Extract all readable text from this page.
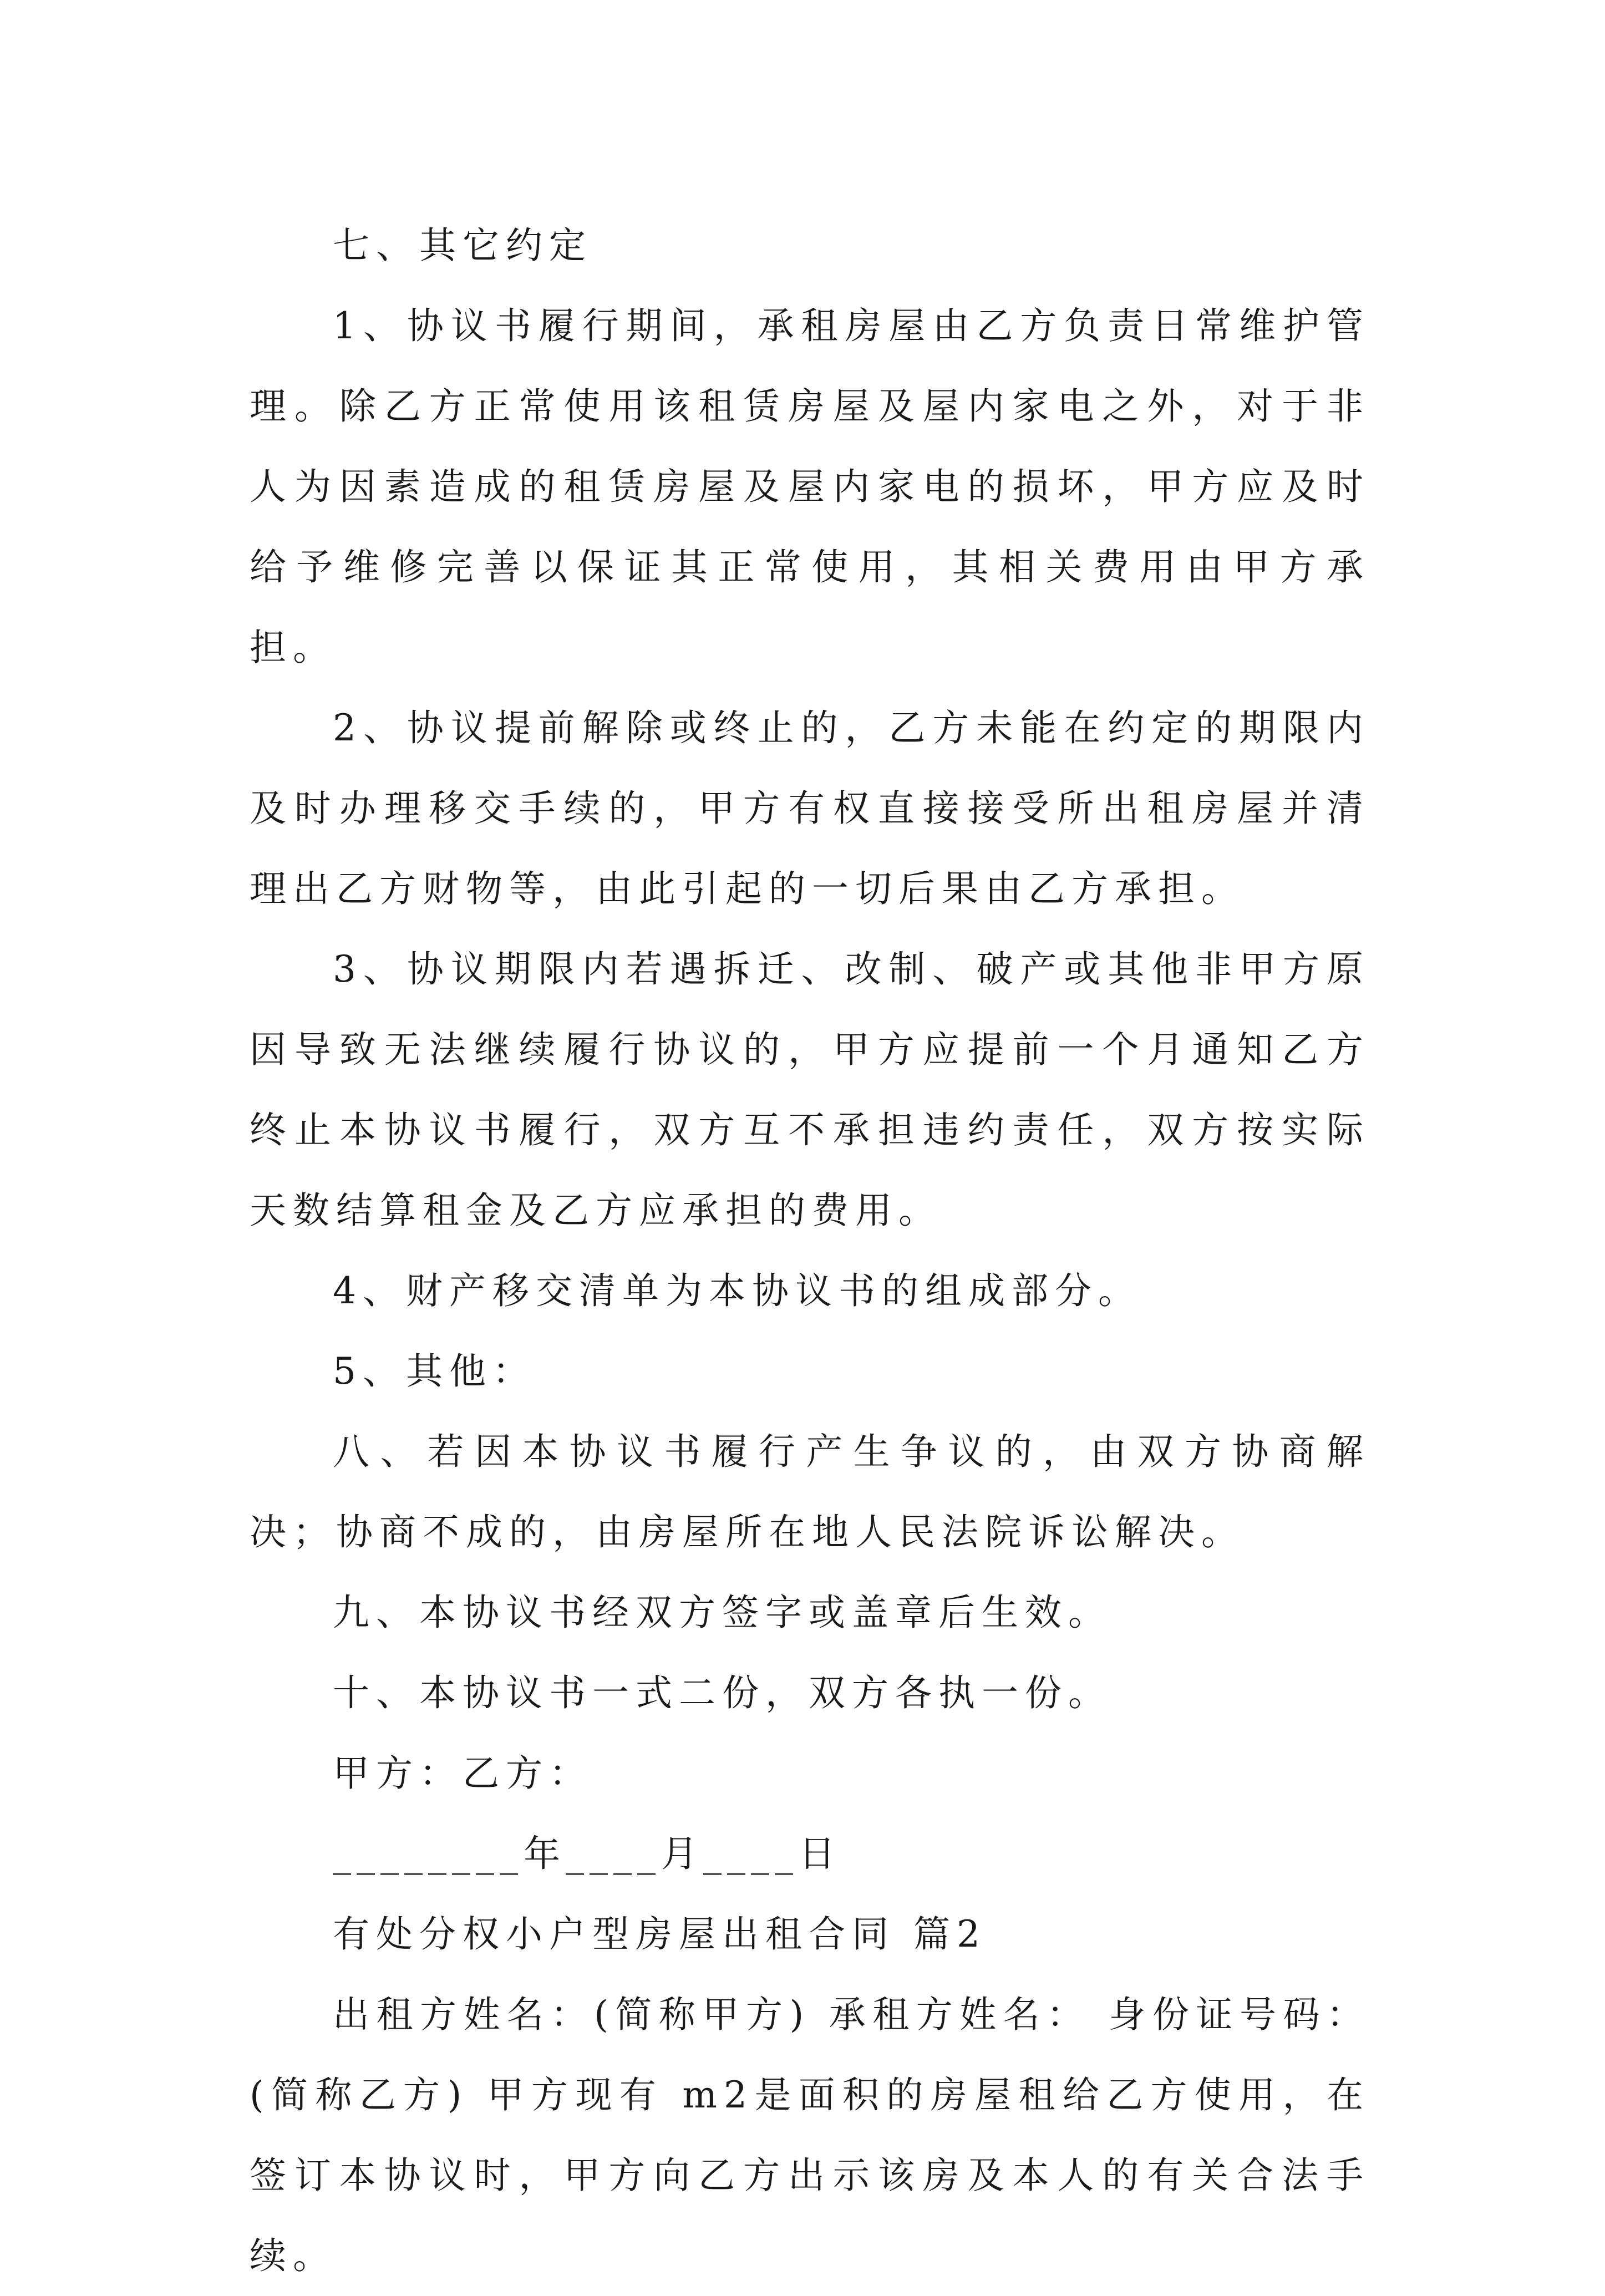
七、其它约定

1、协议书履行期间，承租房屋由乙方负责日常维护管理。除乙方正常使用该租赁房屋及屋内家电之外，对于非人为因素造成的租赁房屋及屋内家电的损坏，甲方应及时给予维修完善以保证其正常使用，其相关费用由甲方承担。

2、协议提前解除或终止的，乙方未能在约定的期限内及时办理移交手续的，甲方有权直接接受所出租房屋并清理出乙方财物等，由此引起的一切后果由乙方承担。

3、协议期限内若遇拆迁、改制、破产或其他非甲方原因导致无法继续履行协议的，甲方应提前一个月通知乙方终止本协议书履行，双方互不承担违约责任，双方按实际天数结算租金及乙方应承担的费用。

4、财产移交清单为本协议书的组成部分。

5、其他：

八、若因本协议书履行产生争议的，由双方协商解决；协商不成的，由房屋所在地人民法院诉讼解决。

九、本协议书经双方签字或盖章后生效。

十、本协议书一式二份，双方各执一份。

甲方：乙方：

________年____月____日

有处分权小户型房屋出租合同 篇2

出租方姓名：(简称甲方) 承租方姓名： 身份证号码：(简称乙方) 甲方现有 m2是面积的房屋租给乙方使用，在签订本协议时，甲方向乙方出示该房及本人的有关合法手续。
